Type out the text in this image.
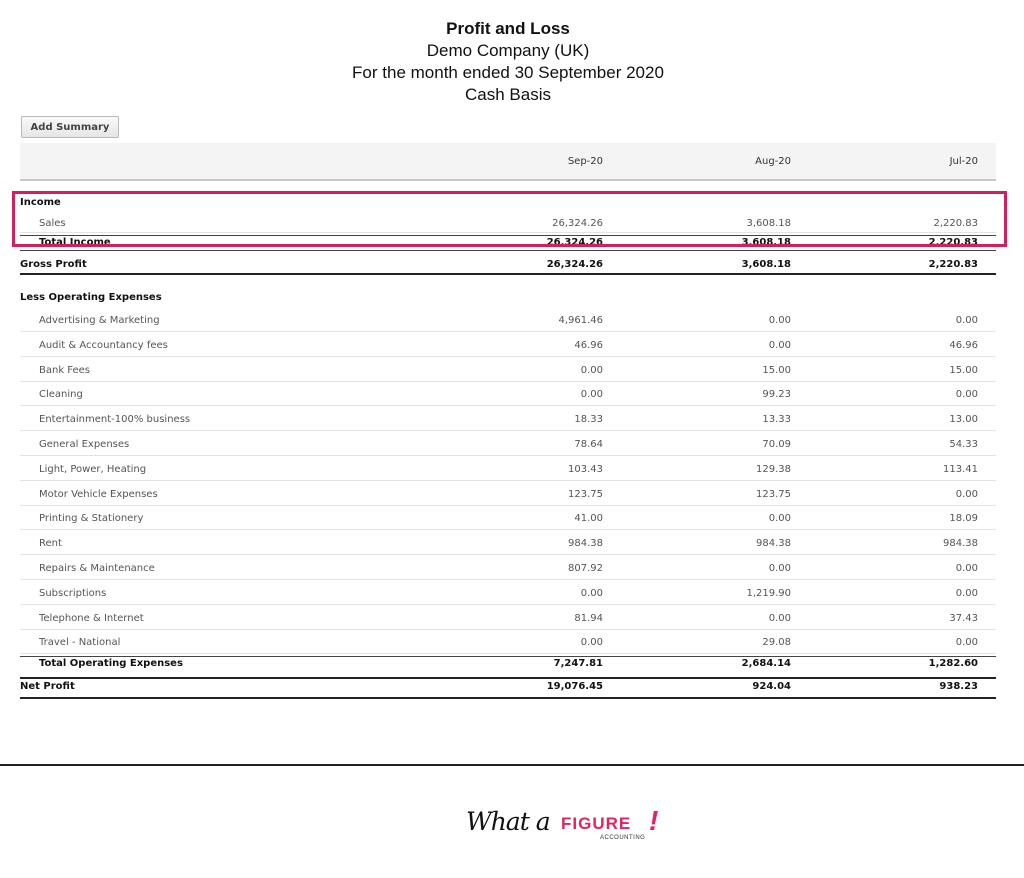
Profit and Loss
Demo Company (UK)
For the month ended 30 September 2020
Cash Basis
Add Summary
Sep-20	Aug-20	Jul-20
Income
Sales	26,324.26	3,608.18	2,220.83
Total Income	26,324.26	3,608.18	2,220.83
Gross Profit	26,324.26	3,608.18	2,220.83
Less Operating Expenses
Advertising & Marketing	4,961.46	0.00	0.00
Audit & Accountancy fees	46.96	0.00	46.96
Bank Fees	0.00	15.00	15.00
Cleaning	0.00	99.23	0.00
Entertainment-100% business	18.33	13.33	13.00
General Expenses	78.64	70.09	54.33
Light, Power, Heating	103.43	129.38	113.41
Motor Vehicle Expenses	123.75	123.75	0.00
Printing & Stationery	41.00	0.00	18.09
Rent	984.38	984.38	984.38
Repairs & Maintenance	807.92	0.00	0.00
Subscriptions	0.00	1,219.90	0.00
Telephone & Internet	81.94	0.00	37.43
Travel - National	0.00	29.08	0.00
Total Operating Expenses	7,247.81	2,684.14	1,282.60
Net Profit	19,076.45	924.04	938.23
What a FIGURE !
ACCOUNTING
